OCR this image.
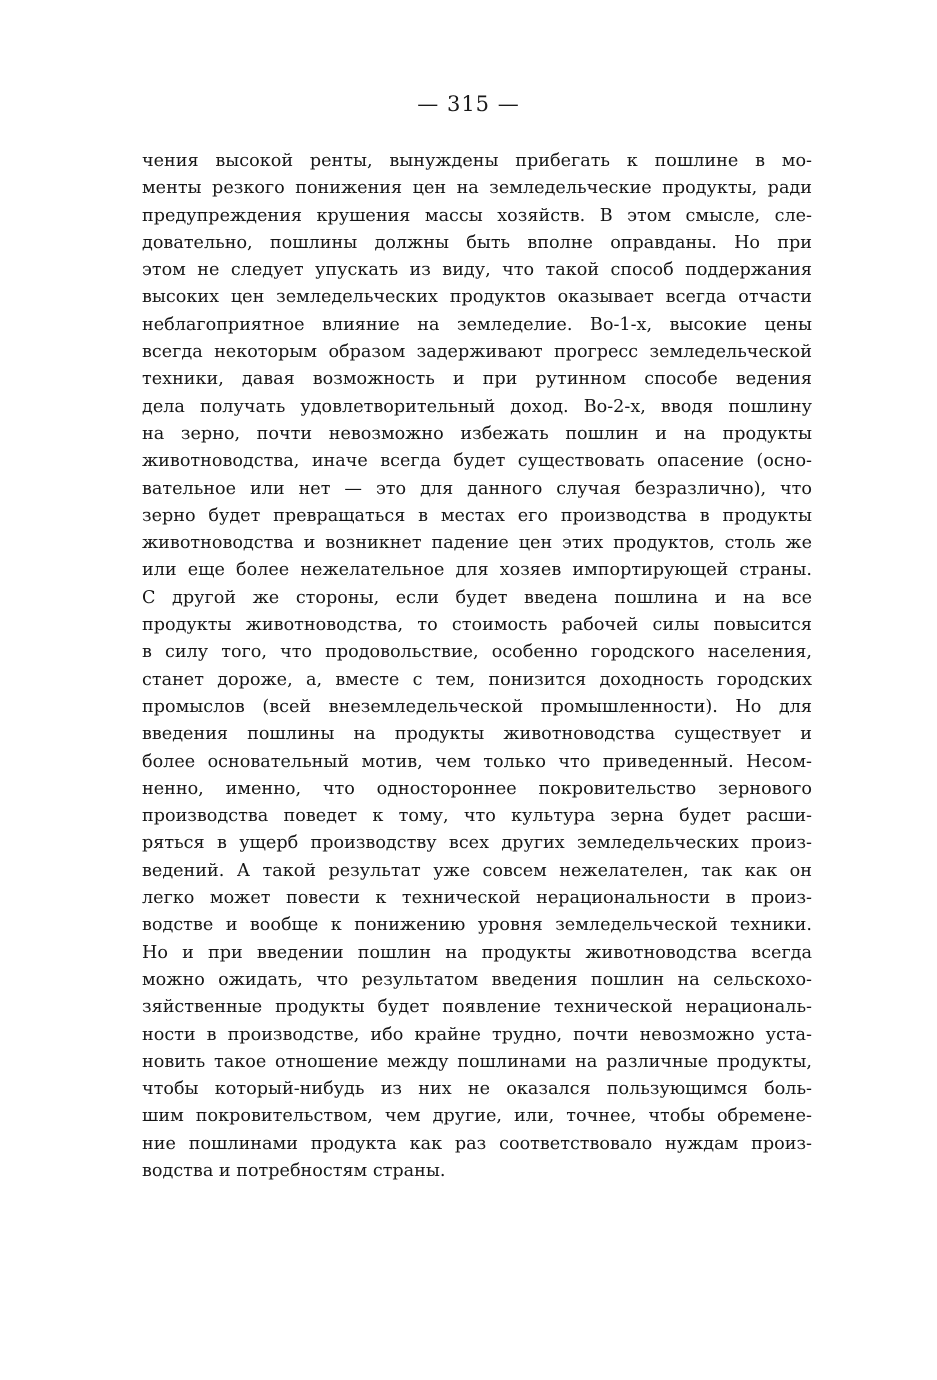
— 315 —
чения высокой ренты, вынуждены прибегать к пошлине в мо-
менты резкого понижения цен на земледельческие продукты, ради
предупреждения крушения массы хозяйств. В этом смысле, сле-
довательно, пошлины должны быть вполне оправданы. Но при
этом не следует упускать из виду, что такой способ поддержания
высоких цен земледельческих продуктов оказывает всегда отчасти
неблагоприятное влияние на земледелие. Во-1-х, высокие цены
всегда некоторым образом задерживают прогресс земледельческой
техники, давая возможность и при рутинном способе ведения
дела получать удовлетворительный доход. Во-2-х, вводя пошлину
на зерно, почти невозможно избежать пошлин и на продукты
животноводства, иначе всегда будет существовать опасение (осно-
вательное или нет — это для данного случая безразлично), что
зерно будет превращаться в местах его производства в продукты
животноводства и возникнет падение цен этих продуктов, столь же
или еще более нежелательное для хозяев импортирующей страны.
С другой же стороны, если будет введена пошлина и на все
продукты животноводства, то стоимость рабочей силы повысится
в силу того, что продовольствие, особенно городского населения,
станет дороже, а, вместе с тем, понизится доходность городских
промыслов (всей внеземледельческой промышленности). Но для
введения пошлины на продукты животноводства существует и
более основательный мотив, чем только что приведенный. Несом-
ненно, именно, что одностороннее покровительство зернового
производства поведет к тому, что культура зерна будет расши-
ряться в ущерб производству всех других земледельческих произ-
ведений. А такой результат уже совсем нежелателен, так как он
легко может повести к технической нерациональности в произ-
водстве и вообще к понижению уровня земледельческой техники.
Но и при введении пошлин на продукты животноводства всегда
можно ожидать, что результатом введения пошлин на сельскохо-
зяйственные продукты будет появление технической нерациональ-
ности в производстве, ибо крайне трудно, почти невозможно уста-
новить такое отношение между пошлинами на различные продукты,
чтобы который-нибудь из них не оказался пользующимся боль-
шим покровительством, чем другие, или, точнее, чтобы обремене-
ние пошлинами продукта как раз соответствовало нуждам произ-
водства и потребностям страны.
